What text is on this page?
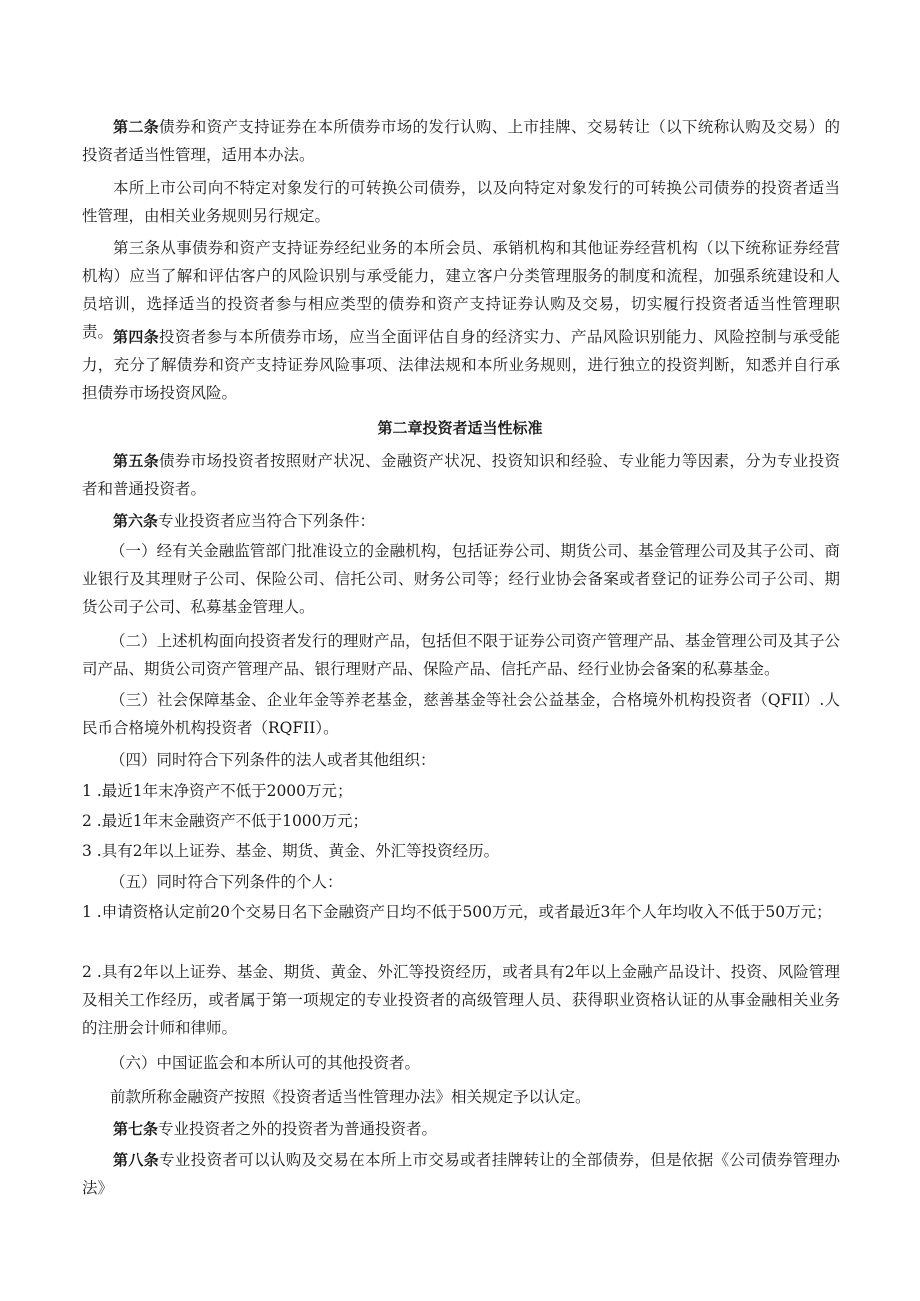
第二条债券和资产支持证券在本所债券市场的发行认购、上市挂牌、交易转让（以下统称认购及交易）的投资者适当性管理，适用本办法。

本所上市公司向不特定对象发行的可转换公司债券，以及向特定对象发行的可转换公司债券的投资者适当性管理，由相关业务规则另行规定。

第三条从事债券和资产支持证券经纪业务的本所会员、承销机构和其他证券经营机构（以下统称证券经营机构）应当了解和评估客户的风险识别与承受能力，建立客户分类管理服务的制度和流程，加强系统建设和人员培训，选择适当的投资者参与相应类型的债券和资产支持证券认购及交易，切实履行投资者适当性管理职责。 第四条投资者参与本所债券市场，应当全面评估自身的经济实力、产品风险识别能力、风险控制与承受能力，充分了解债券和资产支持证券风险事项、法律法规和本所业务规则，进行独立的投资判断，知悉并自行承担债券市场投资风险。

第二章投资者适当性标准

第五条债券市场投资者按照财产状况、金融资产状况、投资知识和经验、专业能力等因素，分为专业投资者和普通投资者。

第六条专业投资者应当符合下列条件：

（一）经有关金融监管部门批准设立的金融机构，包括证券公司、期货公司、基金管理公司及其子公司、商业银行及其理财子公司、保险公司、信托公司、财务公司等；经行业协会备案或者登记的证券公司子公司、期货公司子公司、私募基金管理人。

（二）上述机构面向投资者发行的理财产品，包括但不限于证券公司资产管理产品、基金管理公司及其子公司产品、期货公司资产管理产品、银行理财产品、保险产品、信托产品、经行业协会备案的私募基金。

（三）社会保障基金、企业年金等养老基金，慈善基金等社会公益基金，合格境外机构投资者（QFII）.人民币合格境外机构投资者（RQFII）。

（四）同时符合下列条件的法人或者其他组织：

1 .最近1年末净资产不低于2000万元；

2 .最近1年末金融资产不低于1000万元；

3 .具有2年以上证券、基金、期货、黄金、外汇等投资经历。

（五）同时符合下列条件的个人：

1 .申请资格认定前20个交易日名下金融资产日均不低于500万元，或者最近3年个人年均收入不低于50万元；

2 .具有2年以上证券、基金、期货、黄金、外汇等投资经历，或者具有2年以上金融产品设计、投资、风险管理及相关工作经历，或者属于第一项规定的专业投资者的高级管理人员、获得职业资格认证的从事金融相关业务的注册会计师和律师。

（六）中国证监会和本所认可的其他投资者。

前款所称金融资产按照《投资者适当性管理办法》相关规定予以认定。

第七条专业投资者之外的投资者为普通投资者。

第八条专业投资者可以认购及交易在本所上市交易或者挂牌转让的全部债券，但是依据《公司债券管理办法》
